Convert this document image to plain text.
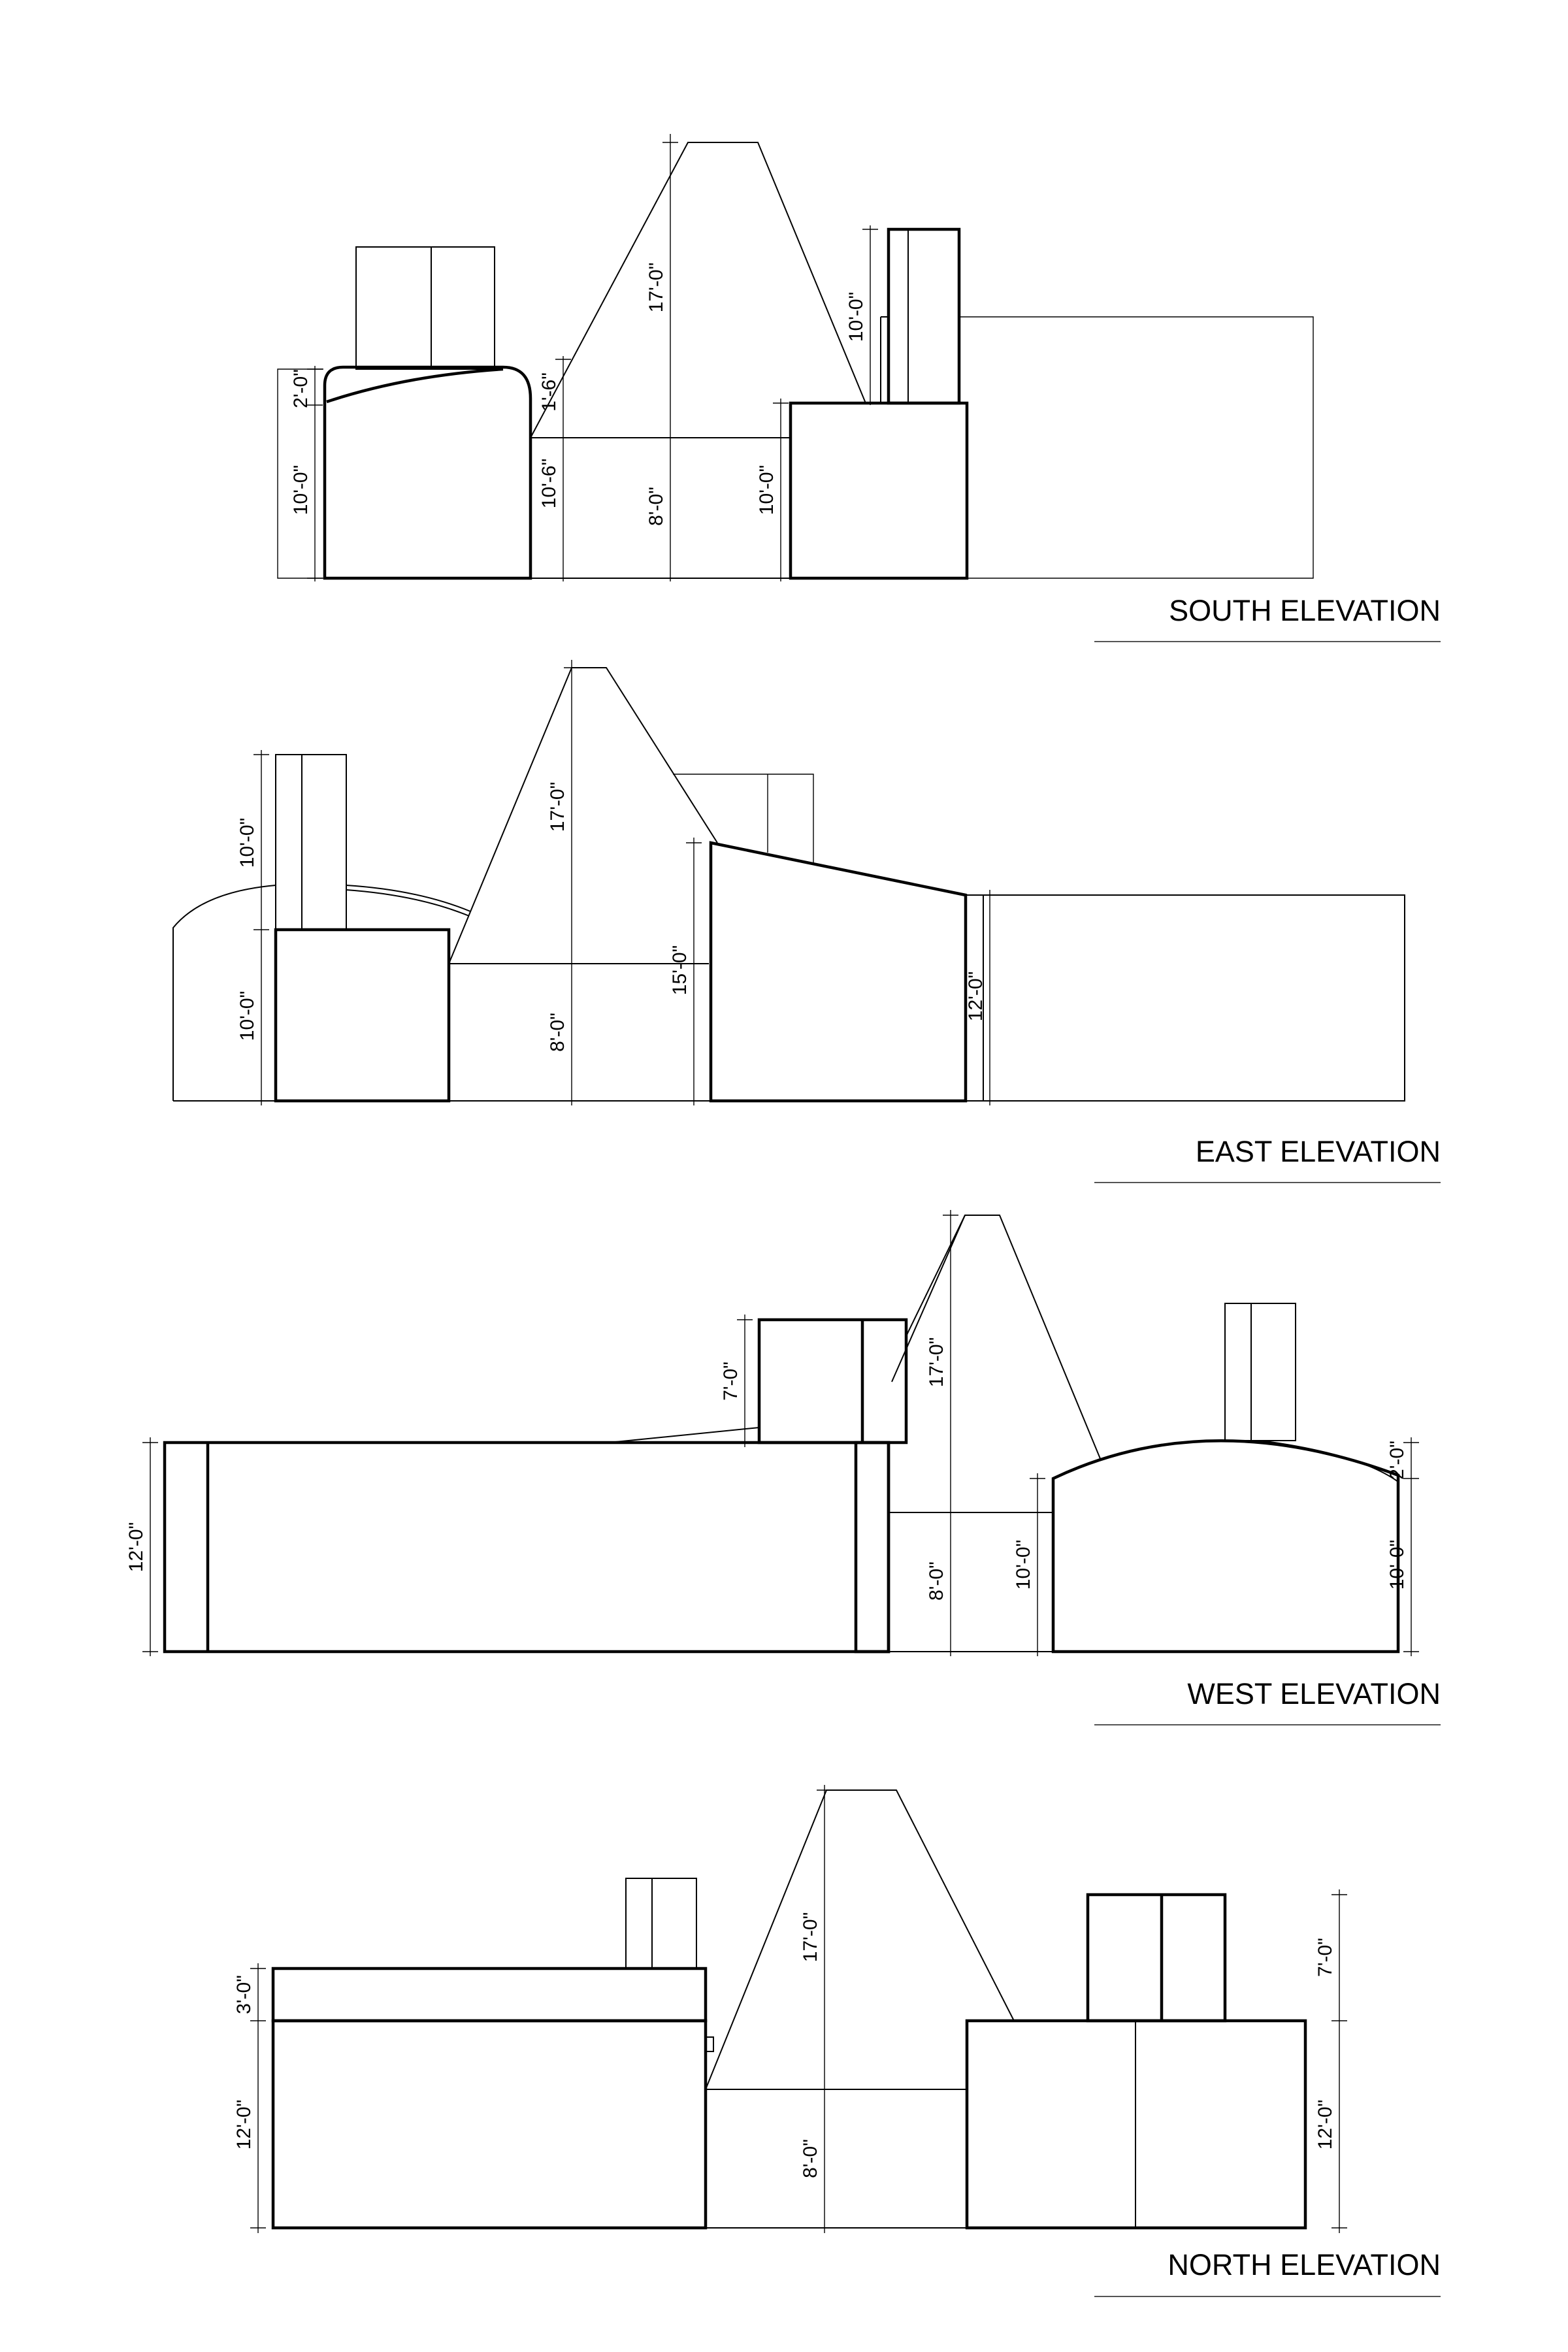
2'-0"
10'-0"
1'-6"
10'-6"
17'-0"
8'-0"	10'-0"
10'-0"
SOUTH ELEVATION
10'-0"
10'-0"
17'-0"
8'-0"
15'-0"
12'-0"
EAST ELEVATION
12'-0"
7'-0"	17'-0"
8'-0"	10'-0"
2'-0"
10'-0"
WEST ELEVATION
3'-0"
12'-0"
17'-0"
8'-0"
7'-0"
12'-0"
NORTH ELEVATION
